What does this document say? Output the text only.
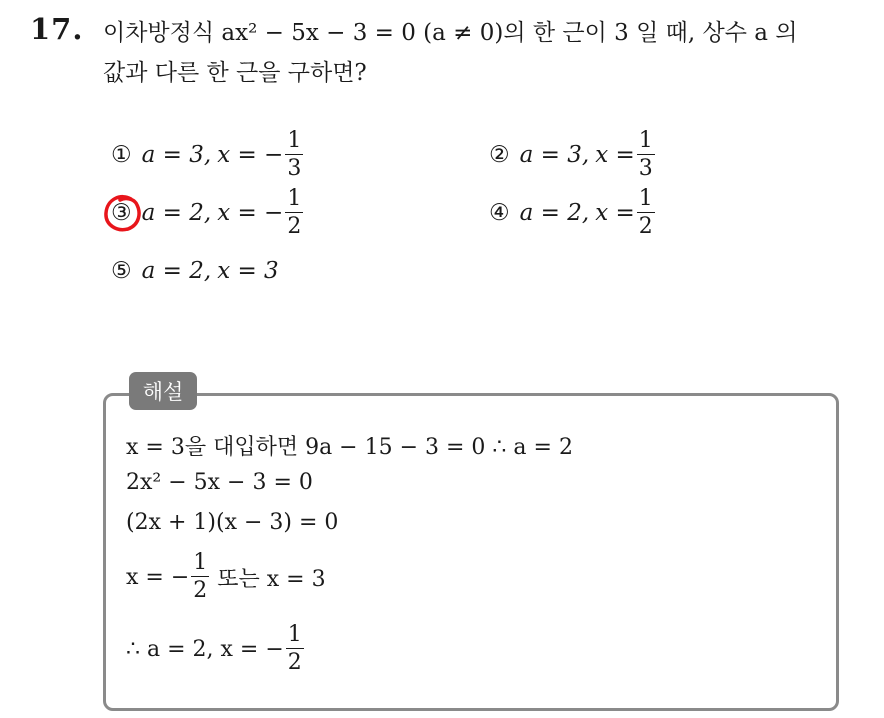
17. 이차방정식 ax² − 5x − 3 = 0 (a ≠ 0)의 한 근이 3 일 때, 상수 a 의
값과 다른 한 근을 구하면?
① a = 3, x = − $\frac{1}{3}$	② a = 3, $x = \frac{1}{3}$
③ a = 2, x = − $\frac{1}{2}$	④ a = 2, $x = \frac{1}{2}$
⑤ a = 2, x = 3
해설
x = 3을 대입하면 9a − 15 − 3 = 0 ∴ a = 2
2x² − 5x − 3 = 0
(2x + 1)(x − 3) = 0
x = − $\frac{1}{2}$ 또는 x = 3
∴ a = 2, x = − $\frac{1}{2}$
